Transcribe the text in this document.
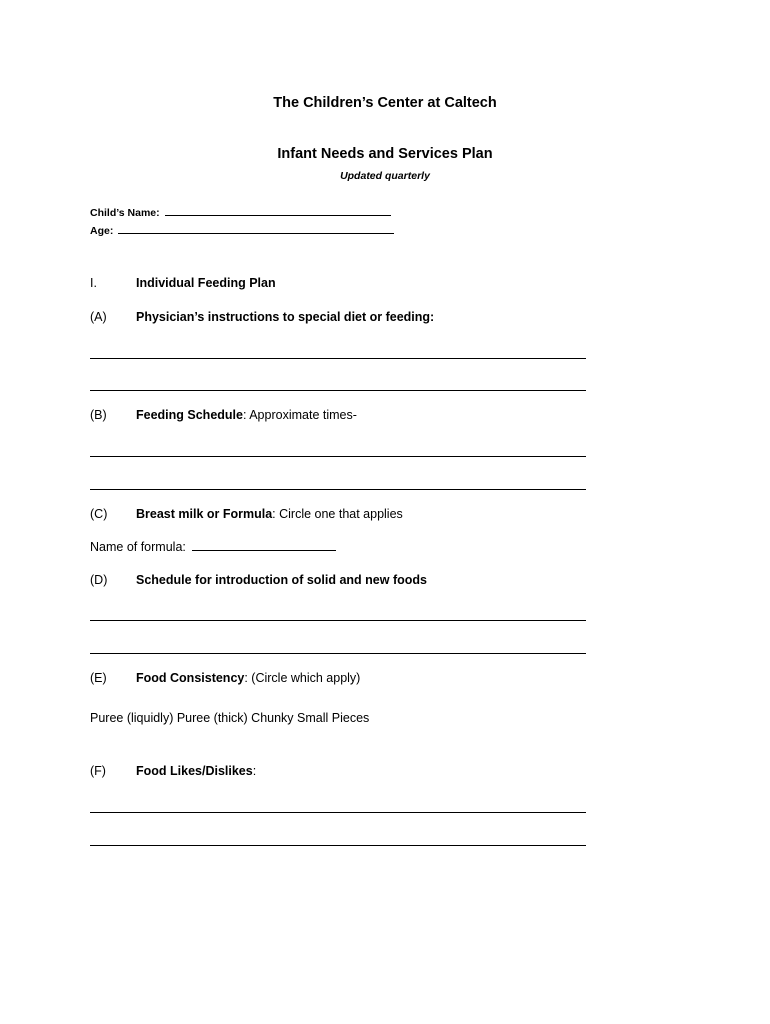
The Children’s Center at Caltech
Infant Needs and Services Plan
Updated quarterly
Child’s Name:
Age:
I.	Individual Feeding Plan
(A) Physician’s instructions to special diet or feeding:
(B) Feeding Schedule: Approximate times-
(C) Breast milk or Formula: Circle one that applies
Name of formula:
(D) Schedule for introduction of solid and new foods
(E) Food Consistency: (Circle which apply)
Puree (liquidly) Puree (thick) Chunky Small Pieces
(F) Food Likes/Dislikes:
